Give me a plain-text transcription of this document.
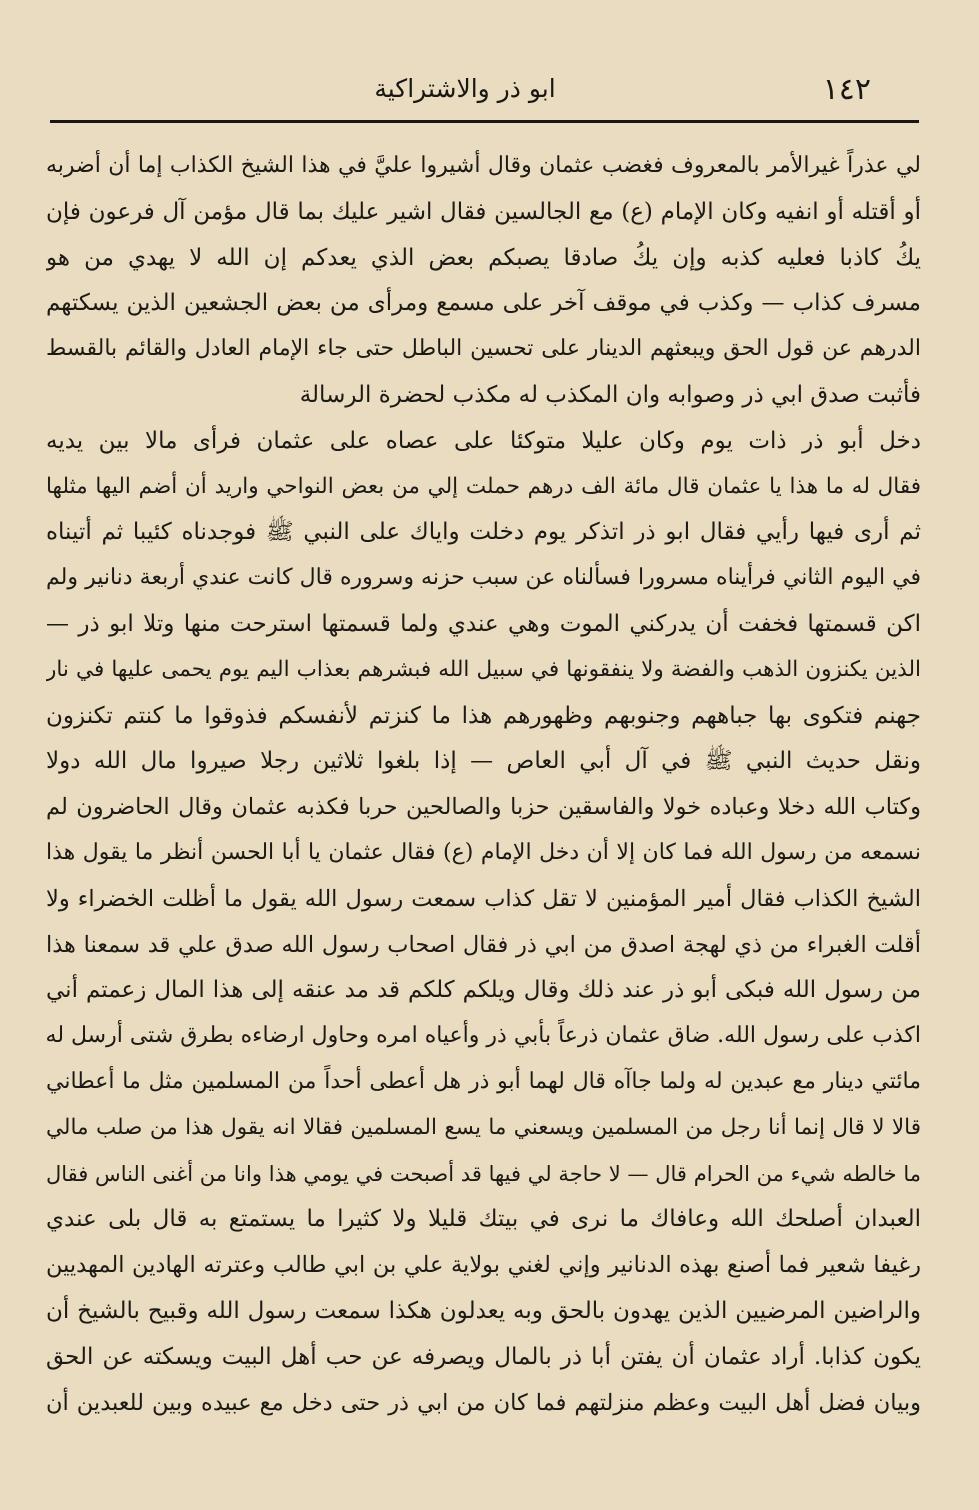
١٤٢
ابو ذر والاشتراكية
لي عذراً غيرالأمر بالمعروف فغضب عثمان وقال أشيروا عليَّ في هذا الشيخ الكذاب إما أن أضربه
أو أقتله أو انفيه وكان الإمام (ع) مع الجالسين فقال اشير عليك بما قال مؤمن آل فرعون فإن
يكُ كاذبا فعليه كذبه وإن يكُ صادقا يصبكم بعض الذي يعدكم إن الله لا يهدي من هو
مسرف كذاب — وكذب في موقف آخر على مسمع ومرأى من بعض الجشعين الذين يسكتهم
الدرهم عن قول الحق ويبعثهم الدينار على تحسين الباطل حتى جاء الإمام العادل والقائم بالقسط
فأثبت صدق ابي ذر وصوابه وان المكذب له مكذب لحضرة الرسالة
دخل أبو ذر ذات يوم وكان عليلا متوكئا على عصاه على عثمان فرأى مالا بين يديه
فقال له ما هذا يا عثمان قال مائة الف درهم حملت إلي من بعض النواحي واريد أن أضم اليها مثلها
ثم أرى فيها رأيي فقال ابو ذر اتذكر يوم دخلت واياك على النبي ﷺ فوجدناه كئيبا ثم أتيناه
في اليوم الثاني فرأيناه مسرورا فسألناه عن سبب حزنه وسروره قال كانت عندي أربعة دنانير ولم
اكن قسمتها فخفت أن يدركني الموت وهي عندي ولما قسمتها استرحت منها وتلا ابو ذر —
الذين يكنزون الذهب والفضة ولا ينفقونها في سبيل الله فبشرهم بعذاب اليم يوم يحمى عليها في نار
جهنم فتكوى بها جباههم وجنوبهم وظهورهم هذا ما كنزتم لأنفسكم فذوقوا ما كنتم تكنزون
ونقل حديث النبي ﷺ في آل أبي العاص — إذا بلغوا ثلاثين رجلا صيروا مال الله دولا
وكتاب الله دخلا وعباده خولا والفاسقين حزبا والصالحين حربا فكذبه عثمان وقال الحاضرون لم
نسمعه من رسول الله فما كان إلا أن دخل الإمام (ع) فقال عثمان يا أبا الحسن أنظر ما يقول هذا
الشيخ الكذاب فقال أمير المؤمنين لا تقل كذاب سمعت رسول الله يقول ما أظلت الخضراء ولا
أقلت الغبراء من ذي لهجة اصدق من ابي ذر فقال اصحاب رسول الله صدق علي قد سمعنا هذا
من رسول الله فبكى أبو ذر عند ذلك وقال ويلكم كلكم قد مد عنقه إلى هذا المال زعمتم أني
اكذب على رسول الله. ضاق عثمان ذرعاً بأبي ذر وأعياه امره وحاول ارضاءه بطرق شتى أرسل له
مائتي دينار مع عبدين له ولما جاآه قال لهما أبو ذر هل أعطى أحداً من المسلمين مثل ما أعطاني
قالا لا قال إنما أنا رجل من المسلمين ويسعني ما يسع المسلمين فقالا انه يقول هذا من صلب مالي
ما خالطه شيء من الحرام قال — لا حاجة لي فيها قد أصبحت في يومي هذا وانا من أغنى الناس فقال
العبدان أصلحك الله وعافاك ما نرى في بيتك قليلا ولا كثيرا ما يستمتع به قال بلى عندي
رغيفا شعير فما أصنع بهذه الدنانير وإني لغني بولاية علي بن ابي طالب وعترته الهادين المهديين
والراضين المرضيين الذين يهدون بالحق وبه يعدلون هكذا سمعت رسول الله وقبيح بالشيخ أن
يكون كذابا. أراد عثمان أن يفتن أبا ذر بالمال ويصرفه عن حب أهل البيت ويسكته عن الحق
وبيان فضل أهل البيت وعظم منزلتهم فما كان من ابي ذر حتى دخل مع عبيده وبين للعبدين أن
